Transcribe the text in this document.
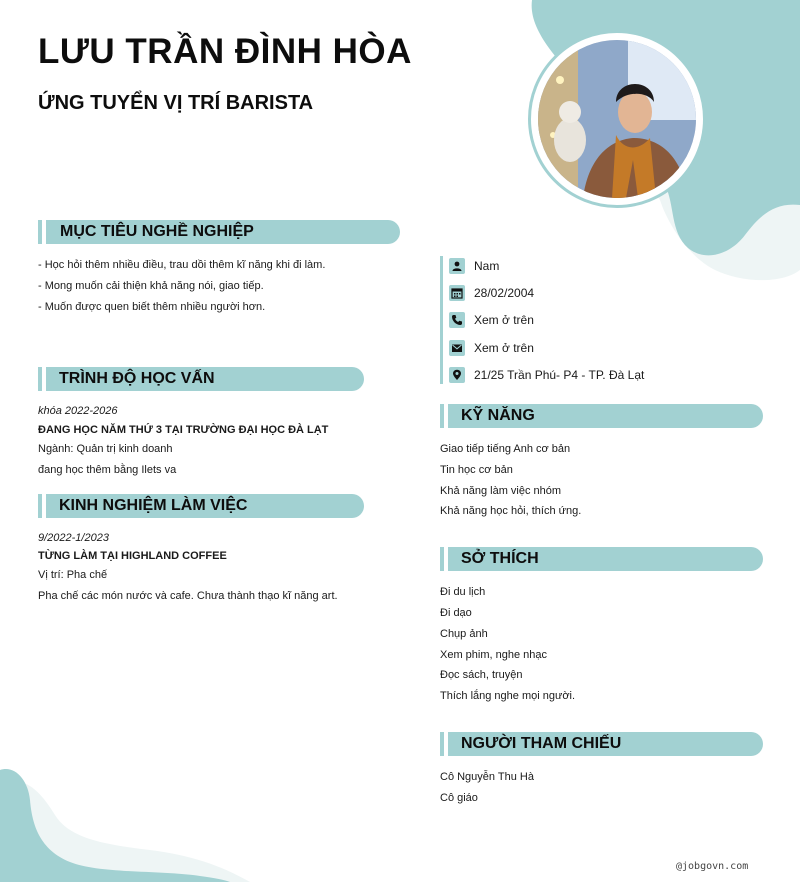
LƯU TRẦN ĐÌNH HÒA
ỨNG TUYỂN VỊ TRÍ BARISTA
MỤC TIÊU NGHỀ NGHIỆP
- Học hỏi thêm nhiều điều, trau dồi thêm kĩ năng khi đi làm.
- Mong muốn cải thiện khả năng nói, giao tiếp.
- Muốn được quen biết thêm nhiều người hơn.
TRÌNH ĐỘ HỌC VẤN
khóa 2022-2026
ĐANG HỌC NĂM THỨ 3 TẠI TRƯỜNG ĐẠI HỌC ĐÀ LẠT
Ngành: Quản trị kinh doanh
đang học thêm bằng Ilets va
KINH NGHIỆM LÀM VIỆC
9/2022-1/2023
TỪNG LÀM TẠI HIGHLAND COFFEE
Vị trí: Pha chế
Pha chế các món nước và cafe. Chưa thành thạo kĩ năng art.
Nam
28/02/2004
Xem ở trên
Xem ở trên
21/25 Trần Phú- P4 - TP. Đà Lạt
KỸ NĂNG
Giao tiếp tiếng Anh cơ bản
Tin học cơ bản
Khả năng làm việc nhóm
Khả năng học hỏi, thích ứng.
SỞ THÍCH
Đi du lịch
Đi dạo
Chụp ảnh
Xem phim, nghe nhạc
Đọc sách, truyện
Thích lắng nghe mọi người.
NGƯỜI THAM CHIẾU
Cô Nguyễn Thu Hà
Cô giáo
@jobgovn.com
